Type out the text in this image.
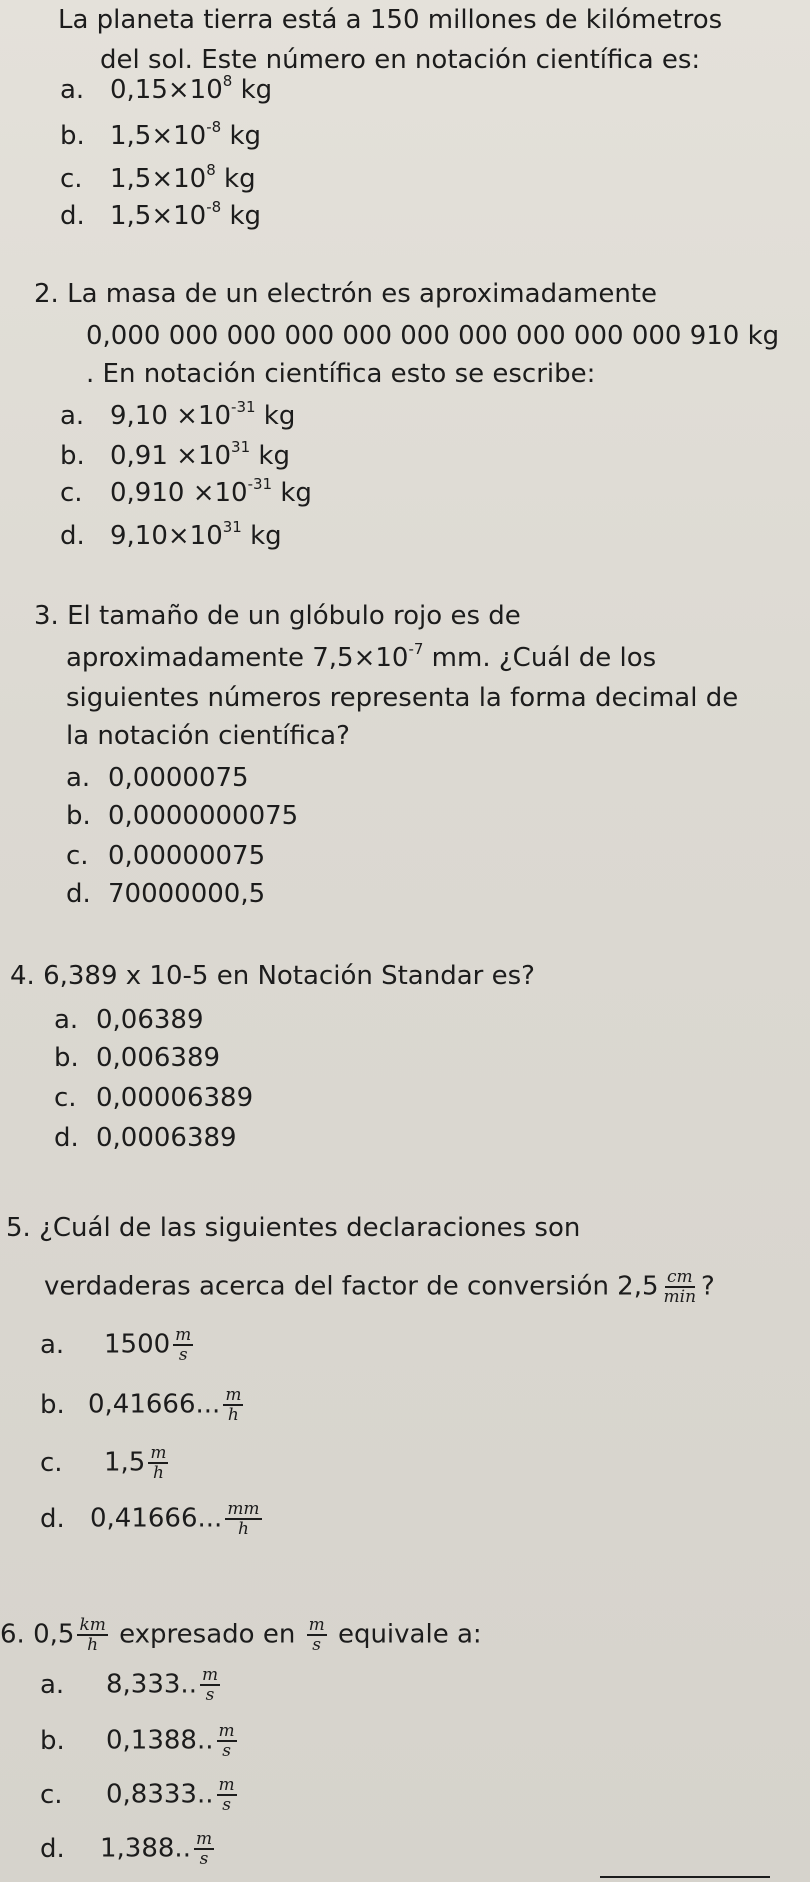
La planeta tierra está a 150 millones de kilómetros
del sol. Este número en notación científica es:
a. $0,15\times 10^8$ kg
b. $1,5\times 10^{-8}$ kg
c. $1,5\times 10^8$ kg
d. $1,5\times 10^{-8}$ kg
2. La masa de un electrón es aproximadamente
0,000 000 000 000 000 000 000 000 000 000 910 kg
. En notación científica esto se escribe:
a. $9,10 \times 10^{-31}$ kg
b. $0,91 \times 10^{31}$ kg
c. $0,910 \times 10^{-31}$ kg
d. $9,10\times 10^{31}$ kg
3. El tamaño de un glóbulo rojo es de
aproximadamente $7,5\times 10^{-7}$ mm. ¿Cuál de los
siguientes números representa la forma decimal de
la notación científica?
a. 0,0000075
b. 0,0000000075
c. 0,00000075
d. 70000000,5
4. 6,389 x 10-5 en Notación Standar es?
a. 0,06389
b. 0,006389
c. 0,00006389
d. 0,0006389
5. ¿Cuál de las siguientes declaraciones son
verdaderas acerca del factor de conversión $2,5 \frac{cm}{\min}$ ?
a. $1500 \frac{m}{s}$
b. 0,41666... $\frac{m}{h}$
c. $1,5 \frac{m}{h}$
d. 0,41666... $\frac{mm}{h}$
6. $0,5 \frac{km}{h}$ expresado en $\frac{m}{s}$ equivale a:
a. 8,333.. $\frac{m}{s}$
b. 0,1388.. $\frac{m}{s}$
c. 0,8333.. $\frac{m}{s}$
d. 1,388.. $\frac{m}{s}$
